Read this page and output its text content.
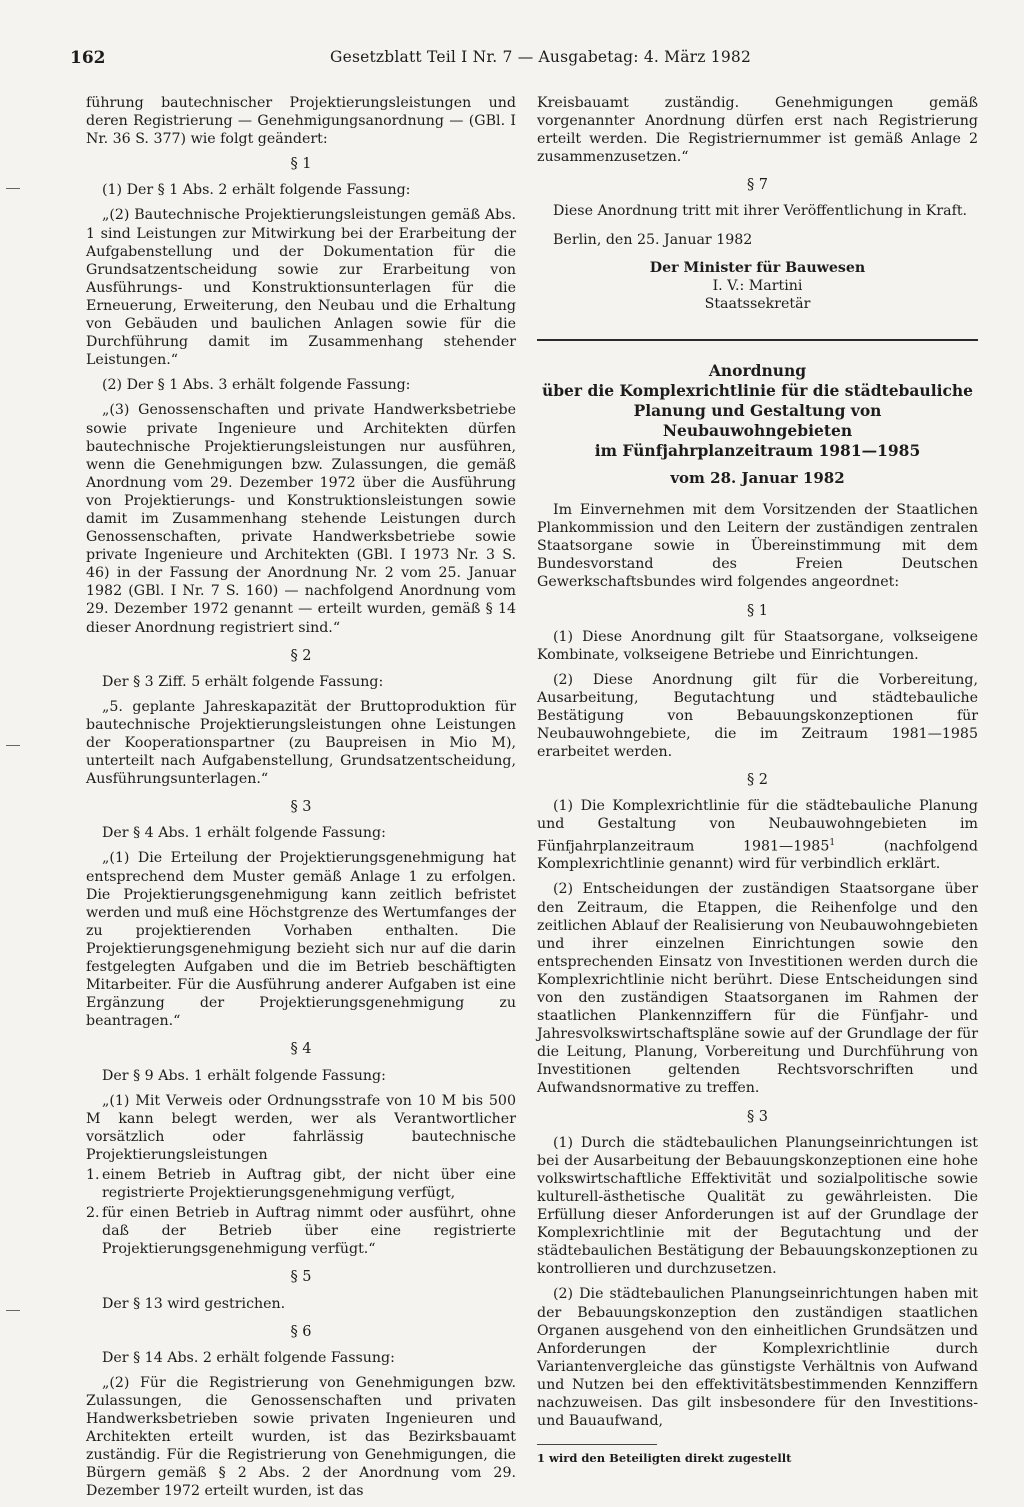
162	Gesetzblatt Teil I Nr. 7 — Ausgabetag: 4. März 1982

führung bautechnischer Projektierungsleistungen und deren Registrierung — Genehmigungsanordnung — (GBl. I Nr. 36 S. 377) wie folgt geändert:

§ 1

(1) Der § 1 Abs. 2 erhält folgende Fassung:

„(2) Bautechnische Projektierungsleistungen gemäß Abs. 1 sind Leistungen zur Mitwirkung bei der Erarbeitung der Aufgabenstellung und der Dokumentation für die Grundsatzentscheidung sowie zur Erarbeitung von Ausführungs- und Konstruktionsunterlagen für die Erneuerung, Erweiterung, den Neubau und die Erhaltung von Gebäuden und baulichen Anlagen sowie für die Durchführung damit im Zusammenhang stehender Leistungen.“

(2) Der § 1 Abs. 3 erhält folgende Fassung:

„(3) Genossenschaften und private Handwerksbetriebe sowie private Ingenieure und Architekten dürfen bautechnische Projektierungsleistungen nur ausführen, wenn die Genehmigungen bzw. Zulassungen, die gemäß Anordnung vom 29. Dezember 1972 über die Ausführung von Projektierungs- und Konstruktionsleistungen sowie damit im Zusammenhang stehende Leistungen durch Genossenschaften, private Handwerksbetriebe sowie private Ingenieure und Architekten (GBl. I 1973 Nr. 3 S. 46) in der Fassung der Anordnung Nr. 2 vom 25. Januar 1982 (GBl. I Nr. 7 S. 160) — nachfolgend Anordnung vom 29. Dezember 1972 genannt — erteilt wurden, gemäß § 14 dieser Anordnung registriert sind.“

§ 2

Der § 3 Ziff. 5 erhält folgende Fassung:

„5. geplante Jahreskapazität der Bruttoproduktion für bautechnische Projektierungsleistungen ohne Leistungen der Kooperationspartner (zu Baupreisen in Mio M), unterteilt nach Aufgabenstellung, Grundsatzentscheidung, Ausführungsunterlagen.“

§ 3

Der § 4 Abs. 1 erhält folgende Fassung:

„(1) Die Erteilung der Projektierungsgenehmigung hat entsprechend dem Muster gemäß Anlage 1 zu erfolgen. Die Projektierungsgenehmigung kann zeitlich befristet werden und muß eine Höchstgrenze des Wertumfanges der zu projektierenden Vorhaben enthalten. Die Projektierungsgenehmigung bezieht sich nur auf die darin festgelegten Aufgaben und die im Betrieb beschäftigten Mitarbeiter. Für die Ausführung anderer Aufgaben ist eine Ergänzung der Projektierungsgenehmigung zu beantragen.“

§ 4

Der § 9 Abs. 1 erhält folgende Fassung:

„(1) Mit Verweis oder Ordnungsstrafe von 10 M bis 500 M kann belegt werden, wer als Verantwortlicher vorsätzlich oder fahrlässig bautechnische Projektierungsleistungen

1. einem Betrieb in Auftrag gibt, der nicht über eine registrierte Projektierungsgenehmigung verfügt,
2. für einen Betrieb in Auftrag nimmt oder ausführt, ohne daß der Betrieb über eine registrierte Projektierungsgenehmigung verfügt.“
§ 5

Der § 13 wird gestrichen.

§ 6

Der § 14 Abs. 2 erhält folgende Fassung:

„(2) Für die Registrierung von Genehmigungen bzw. Zulassungen, die Genossenschaften und privaten Handwerksbetrieben sowie privaten Ingenieuren und Architekten erteilt wurden, ist das Bezirksbauamt zuständig. Für die Registrierung von Genehmigungen, die Bürgern gemäß § 2 Abs. 2 der Anordnung vom 29. Dezember 1972 erteilt wurden, ist das

Kreisbauamt zuständig. Genehmigungen gemäß vorgenannter Anordnung dürfen erst nach Registrierung erteilt werden. Die Registriernummer ist gemäß Anlage 2 zusammenzusetzen.“

§ 7

Diese Anordnung tritt mit ihrer Veröffentlichung in Kraft.

Berlin, den 25. Januar 1982

Der Minister für Bauwesen
I. V.: Martini
Staatssekretär
Anordnung
über die Komplexrichtlinie für die städtebauliche
Planung und Gestaltung von Neubauwohngebieten
im Fünfjahrplanzeitraum 1981—1985
vom 28. Januar 1982

Im Einvernehmen mit dem Vorsitzenden der Staatlichen Plankommission und den Leitern der zuständigen zentralen Staatsorgane sowie in Übereinstimmung mit dem Bundesvorstand des Freien Deutschen Gewerkschaftsbundes wird folgendes angeordnet:

§ 1

(1) Diese Anordnung gilt für Staatsorgane, volkseigene Kombinate, volkseigene Betriebe und Einrichtungen.

(2) Diese Anordnung gilt für die Vorbereitung, Ausarbeitung, Begutachtung und städtebauliche Bestätigung von Bebauungskonzeptionen für Neubauwohngebiete, die im Zeitraum 1981—1985 erarbeitet werden.

§ 2

(1) Die Komplexrichtlinie für die städtebauliche Planung und Gestaltung von Neubauwohngebieten im Fünfjahrplanzeitraum 1981—1985$^1$ (nachfolgend Komplexrichtlinie genannt) wird für verbindlich erklärt.

(2) Entscheidungen der zuständigen Staatsorgane über den Zeitraum, die Etappen, die Reihenfolge und den zeitlichen Ablauf der Realisierung von Neubauwohngebieten und ihrer einzelnen Einrichtungen sowie den entsprechenden Einsatz von Investitionen werden durch die Komplexrichtlinie nicht berührt. Diese Entscheidungen sind von den zuständigen Staatsorganen im Rahmen der staatlichen Plankennziffern für die Fünfjahr- und Jahresvolkswirtschaftspläne sowie auf der Grundlage der für die Leitung, Planung, Vorbereitung und Durchführung von Investitionen geltenden Rechtsvorschriften und Aufwandsnormative zu treffen.

§ 3

(1) Durch die städtebaulichen Planungseinrichtungen ist bei der Ausarbeitung der Bebauungskonzeptionen eine hohe volkswirtschaftliche Effektivität und sozialpolitische sowie kulturell-ästhetische Qualität zu gewährleisten. Die Erfüllung dieser Anforderungen ist auf der Grundlage der Komplexrichtlinie mit der Begutachtung und der städtebaulichen Bestätigung der Bebauungskonzeptionen zu kontrollieren und durchzusetzen.

(2) Die städtebaulichen Planungseinrichtungen haben mit der Bebauungskonzeption den zuständigen staatlichen Organen ausgehend von den einheitlichen Grundsätzen und Anforderungen der Komplexrichtlinie durch Variantenvergleiche das günstigste Verhältnis von Aufwand und Nutzen bei den effektivitätsbestimmenden Kennziffern nachzuweisen. Das gilt insbesondere für den Investitions- und Bauaufwand,

1 wird den Beteiligten direkt zugestellt
